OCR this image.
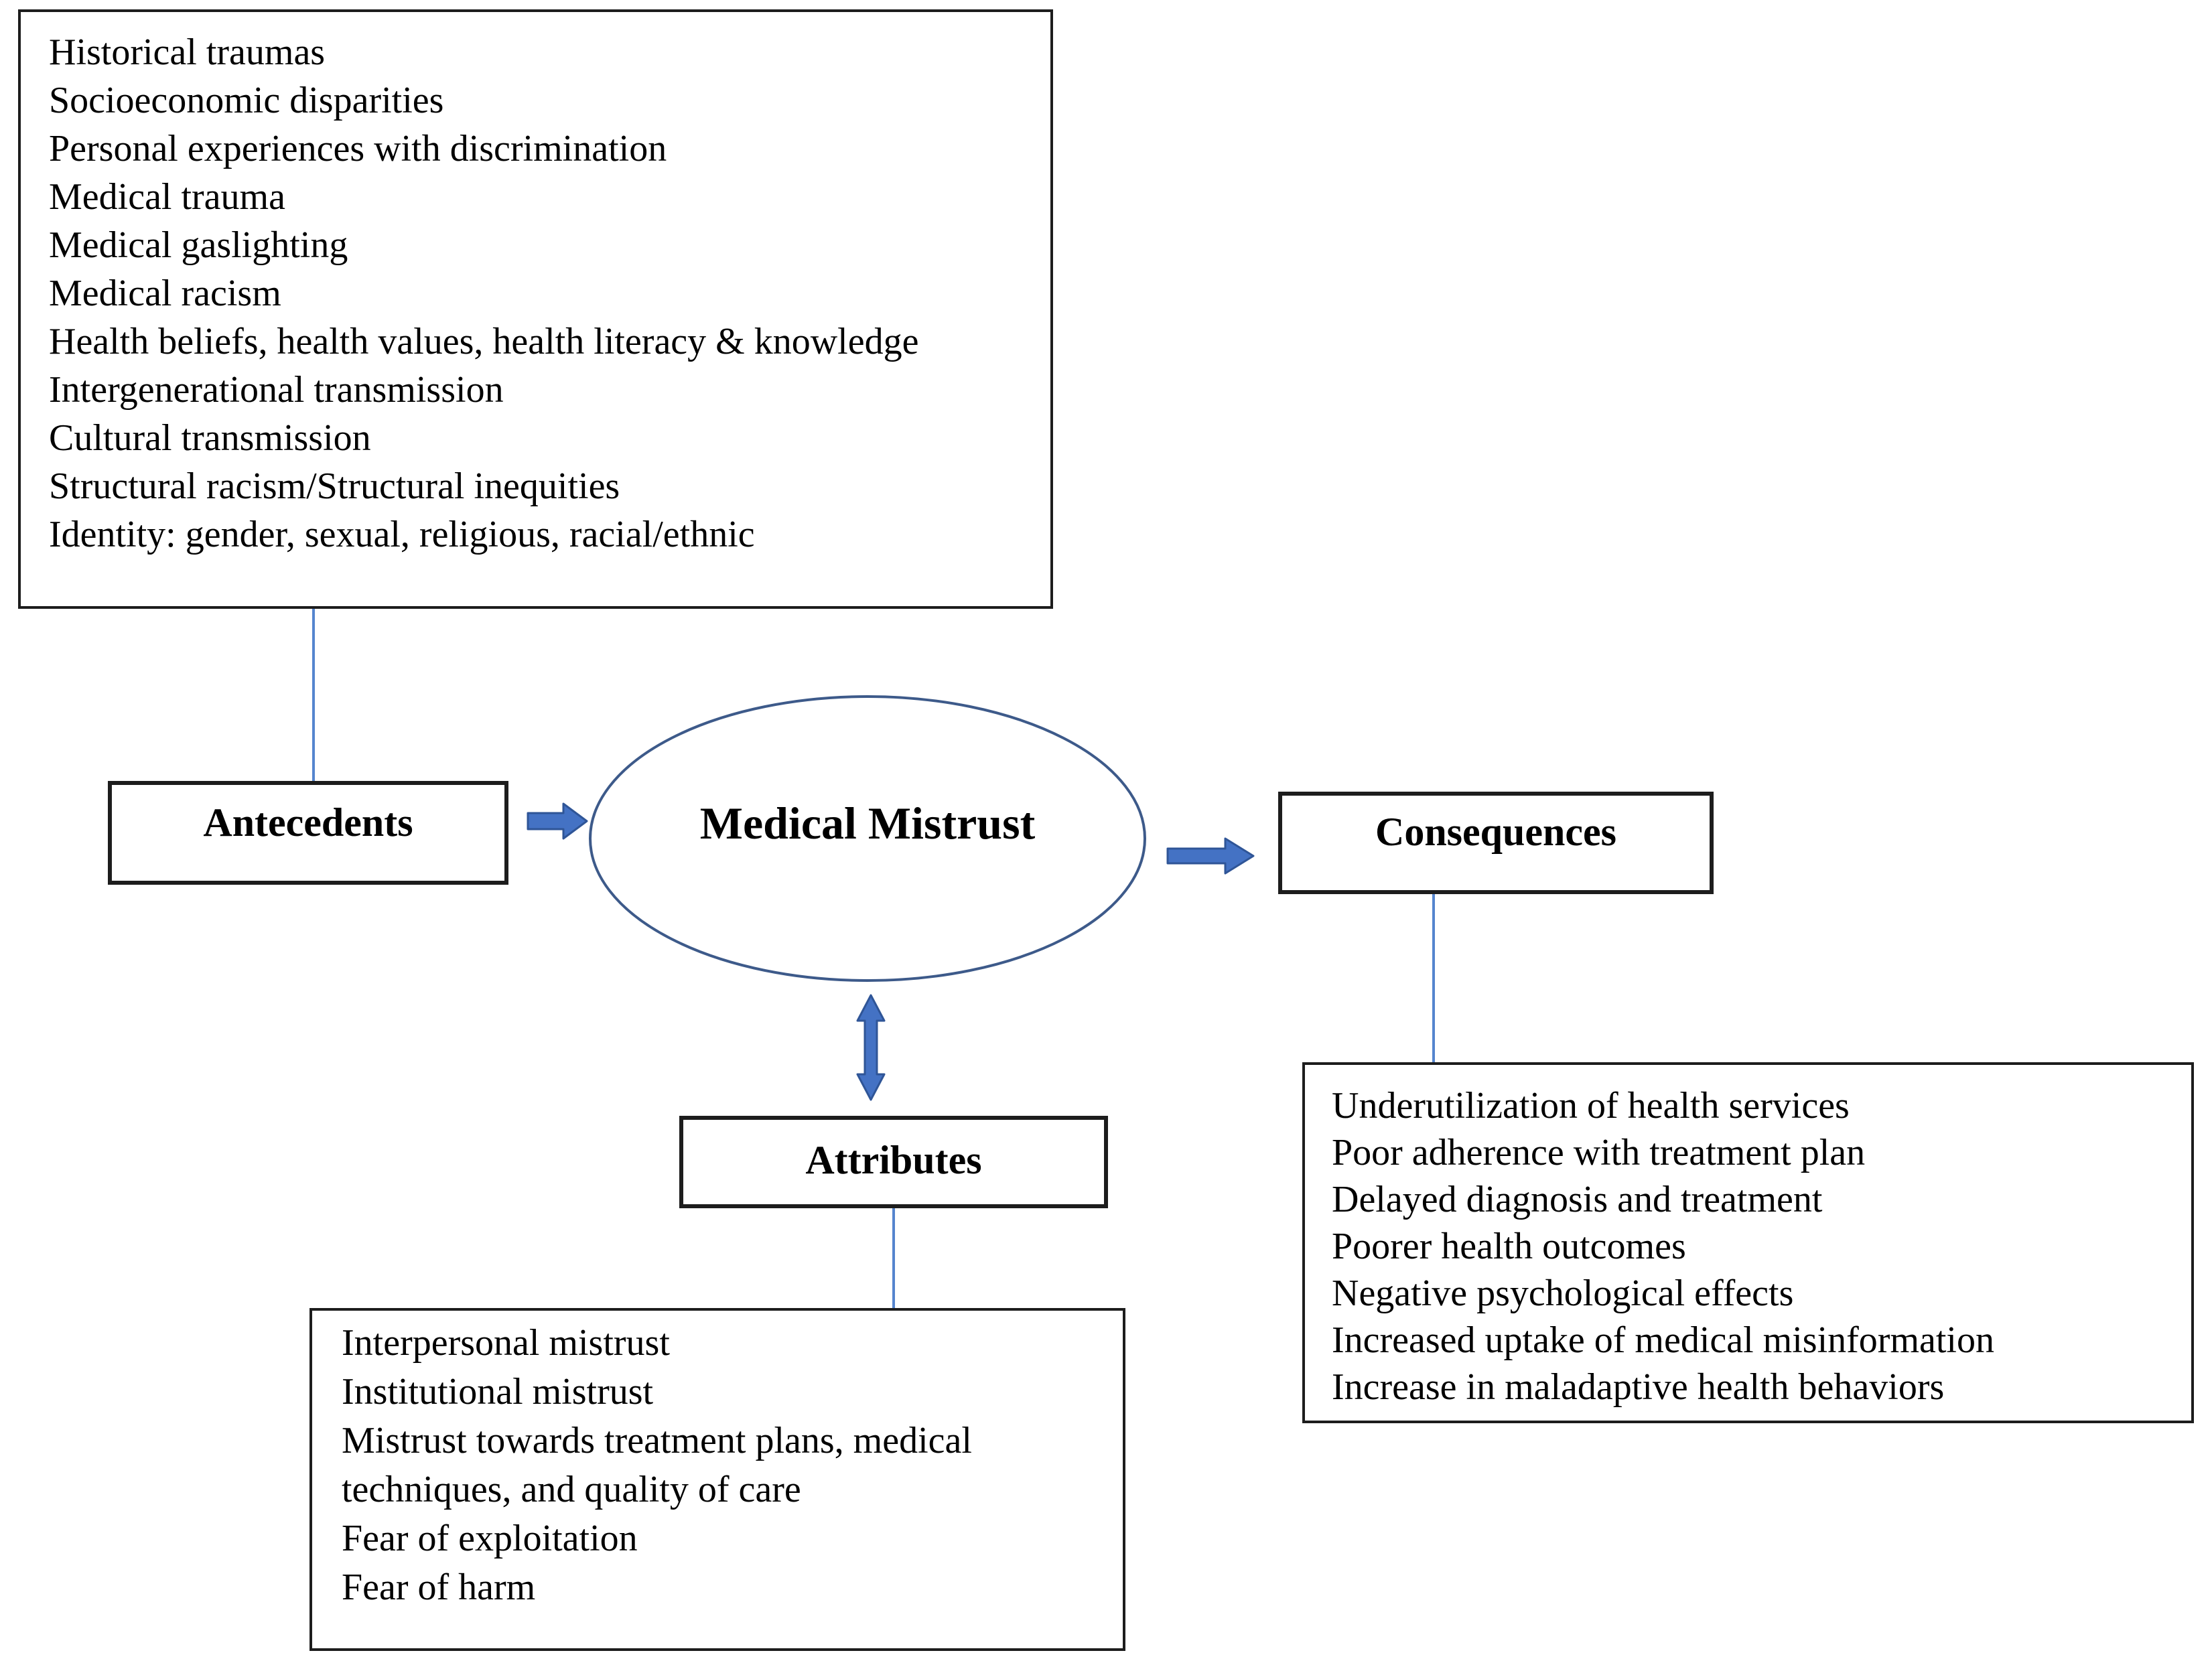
Historical traumas
Socioeconomic disparities
Personal experiences with discrimination
Medical trauma
Medical gaslighting
Medical racism
Health beliefs, health values, health literacy & knowledge
Intergenerational transmission
Cultural transmission
Structural racism/Structural inequities
Identity: gender, sexual, religious, racial/ethnic
Antecedents	Medical Mistrust	Consequences
Underutilization of health services
Poor adherence with treatment plan
Delayed diagnosis and treatment
Poorer health outcomes
Negative psychological effects
Increased uptake of medical misinformation
Increase in maladaptive health behaviors
Attributes
Interpersonal mistrust
Institutional mistrust
Mistrust towards treatment plans, medical techniques, and quality of care
Fear of exploitation
Fear of harm
